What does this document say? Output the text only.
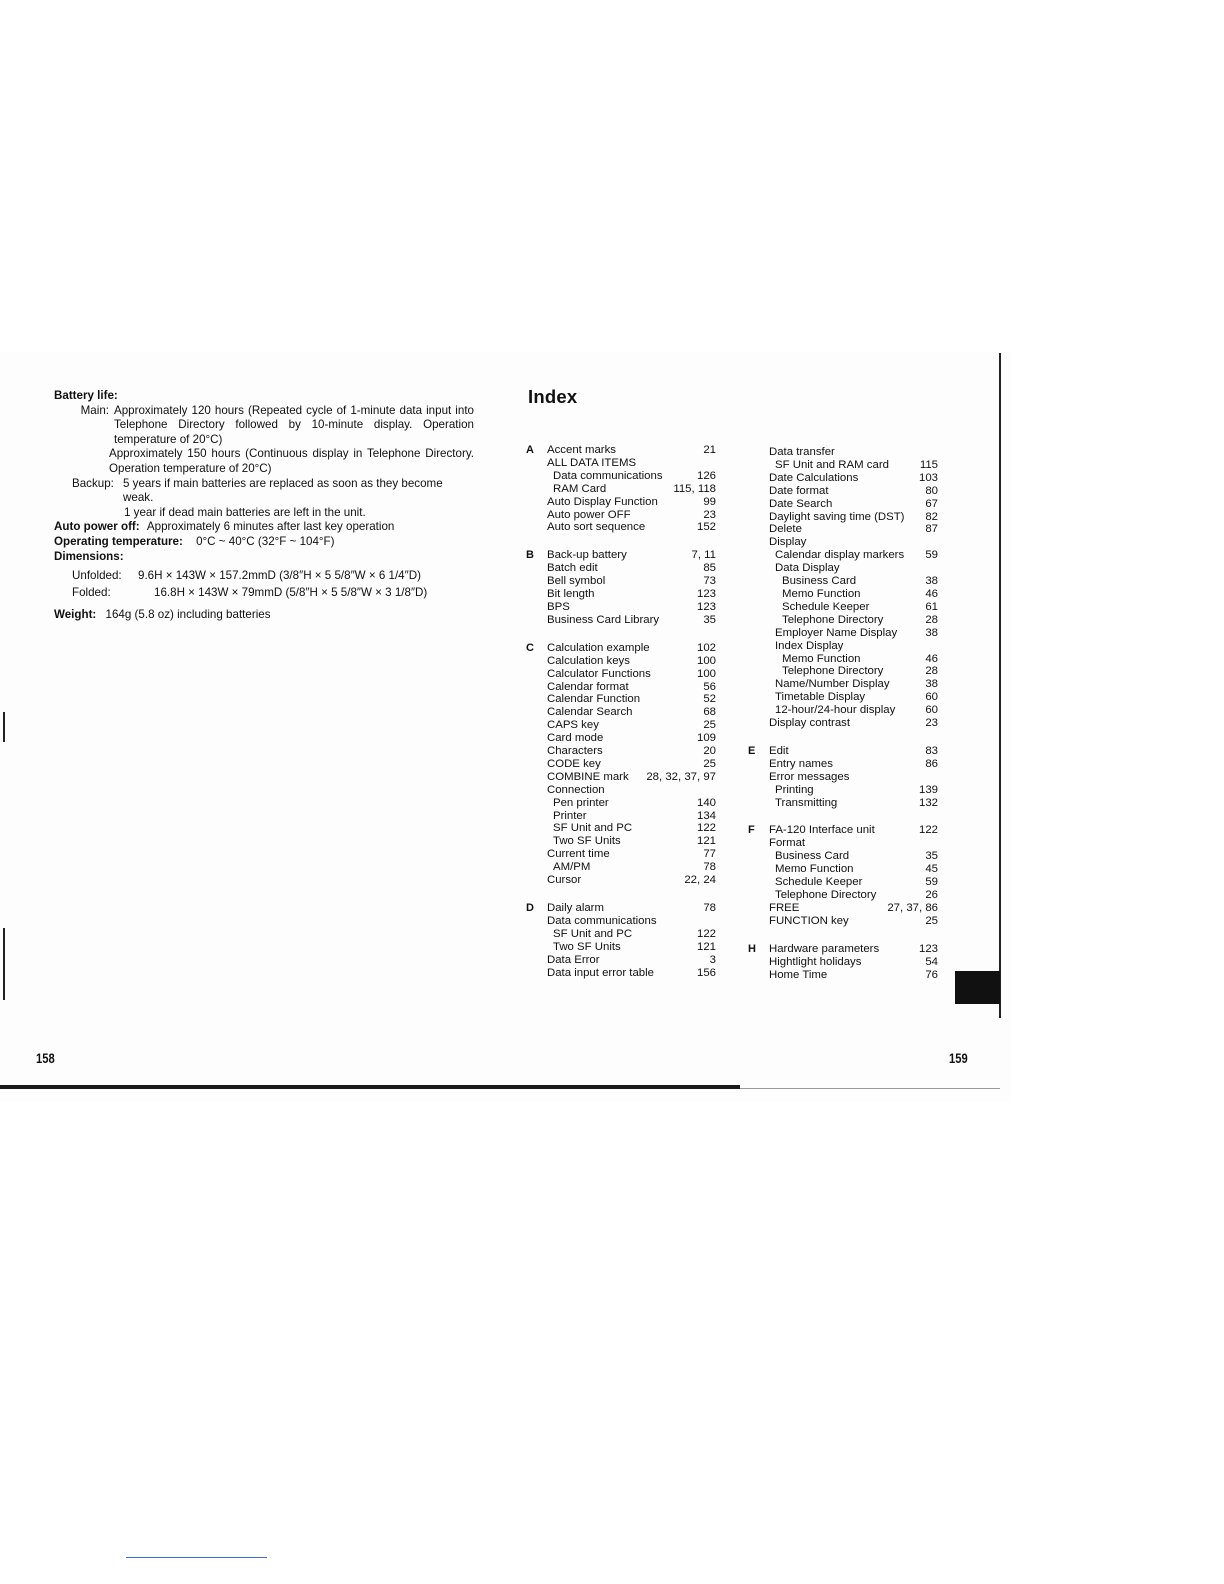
Battery life:
Main: Approximately 120 hours (Repeated cycle of 1-minute data input into Telephone Directory followed by 10-minute display. Operation temperature of 20°C)
Approximately 150 hours (Continuous display in Telephone Directory. Operation temperature of 20°C)
Backup: 5 years if main batteries are replaced as soon as they become weak.
1 year if dead main batteries are left in the unit.
Auto power off: Approximately 6 minutes after last key operation
Operating temperature: 0°C ~ 40°C (32°F ~ 104°F)
Dimensions:
Unfolded:	9.6H × 143W × 157.2mmD (3/8″H × 5 5/8″W × 6 1/4″D)
Folded:	16.8H × 143W × 79mmD (5/8″H × 5 5/8″W × 3 1/8″D)
Weight: 164g (5.8 oz) including batteries
158
Index
A Accent marks	21
ALL DATA ITEMS
Data communications	126
RAM Card	115, 118
Auto Display Function	99
Auto power OFF	23
Auto sort sequence	152
B Back-up battery	7, 11
Batch edit	85
Bell symbol	73
Bit length	123
BPS	123
Business Card Library	35
C Calculation example	102
Calculation keys	100
Calculator Functions	100
Calendar format	56
Calendar Function	52
Calendar Search	68
CAPS key	25
Card mode	109
Characters	20
CODE key	25
COMBINE mark 28, 32, 37, 97
Connection
Pen printer	140
Printer	134
SF Unit and PC	122
Two SF Units	121
Current time	77
AM/PM	78
Cursor	22, 24
D Daily alarm	78
Data communications
SF Unit and PC	122
Two SF Units	121
Data Error	3
Data input error table	156
Data transfer
SF Unit and RAM card	115
Date Calculations	103
Date format	80
Date Search	67
Daylight saving time (DST) 82
Delete	87
Display
Calendar display markers 59
Data Display
Business Card	38
Memo Function	46
Schedule Keeper	61
Telephone Directory	28
Employer Name Display 38
Index Display
Memo Function	46
Telephone Directory	28
Name/Number Display	38
Timetable Display	60
12-hour/24-hour display	60
Display contrast	23
E Edit	83
Entry names	86
Error messages
Printing	139
Transmitting	132
F FA-120 Interface unit	122
Format
Business Card	35
Memo Function	45
Schedule Keeper	59
Telephone Directory	26
FREE	27, 37, 86
FUNCTION key	25
H Hardware parameters	123
Hightlight holidays	54
Home Time	76
159
